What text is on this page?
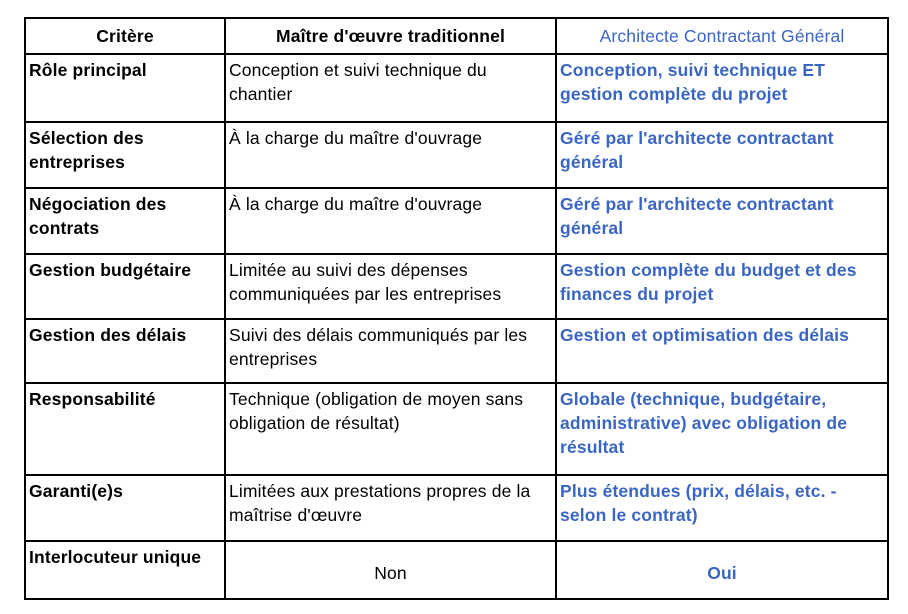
Critère	Maître d'œuvre traditionnel	Architecte Contractant Général
Rôle principal	Conception et suivi technique du chantier	Conception, suivi technique ET gestion complète du projet
Sélection des entreprises	À la charge du maître d'ouvrage	Géré par l'architecte contractant général
Négociation des contrats	À la charge du maître d'ouvrage	Géré par l'architecte contractant général
Gestion budgétaire	Limitée au suivi des dépenses communiquées par les entreprises	Gestion complète du budget et des finances du projet
Gestion des délais	Suivi des délais communiqués par les entreprises	Gestion et optimisation des délais
Responsabilité	Technique (obligation de moyen sans obligation de résultat)	Globale (technique, budgétaire, administrative) avec obligation de résultat
Garanti(e)s	Limitées aux prestations propres de la maîtrise d'œuvre	Plus étendues (prix, délais, etc. - selon le contrat)
Interlocuteur unique	Non	Oui
